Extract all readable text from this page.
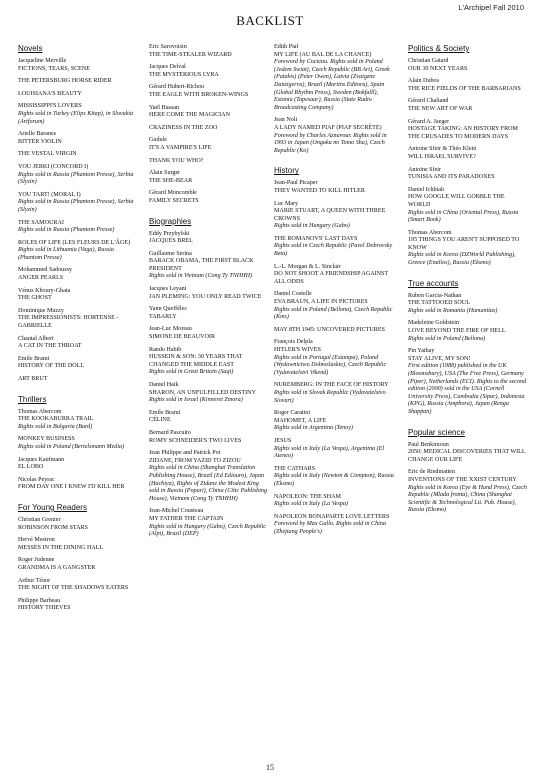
L'Archipel Fall 2010
BACKLIST
Novels
Jacqueline Merville
FICTIONS, TEARS, SCENE
THE PETERSBURG HORSE RIDER
LOUISIANA'S BEAUTY
MISSISSIPPI'S LOVERS
Rights sold in Turkey (Elips Kitap), in Slovakia (Artforum)
Arielle Baranes
BITTER VIOLIN
THE VESTAL VIRGIN
YOU JERKI (CONCORD I)
Rights sold in Russia (Phantom Presse), Serbia (Slyzin)
YOU TART! (MORAL I)
Rights sold in Russia (Phantom Presse), Serbia (Slyzin)
THE SAMOURAI
Rights sold in Russia (Phantom Presse)
ROLES OF LIFE (LES FLEURS DE L'ÂGE)
Rights sold in Lithuania (Vaga), Russia (Phantom Presse)
Mohammed Sadoussy
ANGER PEARLS
Vénus Khoury-Ghata
THE GHOST
Dominique Muzzy
THE IMPRESSIONISTS: HORTENSE - GABRIELLE
Chantal Albert
A CAT IN THE THROAT
Emile Brami
HISTORY OF THE DOLL
ART BRUT
Thrillers
Thomas Abercom
THE KOOKABURRA TRAIL
Rights sold in Bulgaria (Bard)
MONKEY BUSINESS
Rights sold in Poland (Bertelsmann Media)
Jacques Kaufmann
EL LOBO
Nicolas Peyrac
FROM DAY ONE I KNEW I'D KILL HER
For Young Readers
Christian Grenier
ROBINSON FROM STARS
Hervé Mestron
MESSES IN THE DINING HALL
Roger Judenne
GRANDMA IS A GANGSTER
Arthur Ténor
THE NIGHT OF THE SHADOWS EATERS
Philippe Barbeau
HISTORY THIEVES
Eric Sarovoisin
THE TIME-STEALER WIZARD
Jacques Delval
THE MYSTERIOUS LYRA
Gérard Hubert-Richou
THE EAGLE WITH BROKEN-WINGS
Yaël Hassan
HERE COME THE MAGICIAN
CRAZINESS IN THE ZOO
Gudule
IT'S A VAMPIRE'S LIFE
THANK YOU WHO?
Alain Surget
THE SHE-BEAR
Gérard Moncomble
FAMILY SECRETS
Biographies
Eddy Przybylski
JACQUES BREL
Guillaume Serina
BARACK OBAMA, THE FIRST BLACK PRESIDENT
Rights sold in Vietnam (Cong Ty TNHHH)
Jacques Leyani
JAN PLEMING: YOU ONLY READ TWICE
Yann Queffélec
TABARLY
Jean-Luc Moreau
SIMONE DE BEAUVOIR
Rando Habib
HUSSEIN & SON: 30 YEARS THAT CHANGED THE MIDDLE EAST
Rights sold in Great Britain (Saqi)
Daniel Haik
SHARON, AN UNFULFILLED DESTINY
Rights sold in Israel (Kinneret Zmora)
Emile Brami
CÉLINE
Bernard Pascuito
ROMY SCHNEIDER'S TWO LIVES
Jean Philippe and Patrick Pot
ZIDANE, FROM YAZID TO ZIZOU
Rights sold in China (Shanghai Translation Publishing House), Brazil (Ed Ediouro), Japan (Hachiya), Rights of Zidane the Modest King sold in Russia (Popuri), China (Citic Publishing House), Vietnam (Cong Ty TNHHH)
Jean-Michel Cousteau
MY FATHER THE CAPTAIN
Rights sold in Hungary (Gabo), Czech Republic (Alpi), Brazil (DEP)
Edith Piaf
MY LIFE (AU BAL DE LA CHANCE)
Foreword by Cocteau. Rights sold in Poland (Jedem Swiat), Czech Republic (BB Art), Greek (Patakis) (Peter Owen), Latvia (Zvaigzne Danzigerva), Brazil (Martins Editora), Spain (Global Rhythm Press), Sweden (Bokfalll), Estonia (Tapesaar), Russia (State Radio Broadcasting Company)
Jean Noli
A LADY NAMED PIAF (PIAF SECRÈTE)
Foreword by Charles Aznavour. Rights sold in 1993 in Japan (Ongaku no Tomo Sha), Czech Republic (Ko)
History
Jean-Paul Picaper
THEY WANTED TO KILL HITLER
Luc Mary
MARIE STUART, A QUEEN WITH THREE CROWNS
Rights sold in Hungary (Gabo)
THE ROMANOVS' LAST DAYS
Rights sold in Czech Republic (Pavel Dobrovsky Beta)
L.-L. Morgan & L. Sinclair
DO NOT SHOOT A FRIENDSHIP AGAINST ALL ODDS
Daniel Costelle
EVA BRAUN, A LIFE IN PICTURES
Rights sold in Poland (Bellona), Czech Republic (Kms)
MAY 8TH 1945: UNCOVERED PICTURES
François Delpla
HITLER'S WIVES
Rights sold in Portugal (Estampa), Poland (Wydawnictwo Dolnoslaskie), Czech Republic (Vydavatelstvi Vikend)
NUREMBERG: IN THE FACE OF HISTORY
Rights sold in Slovak Republic (Vydavatelstvo Slovart)
Roger Caratini
MAHOMET, A LIFE
Rights sold in Argentina (Tenoy)
JESUS
Rights sold in Italy (La Vespa), Argentina (El Ateneo)
THE CATHARS
Rights sold in Italy (Newton & Compton), Russia (Eksmo)
NAPOLEON: THE SHAM
Rights sold in Italy (La Vespa)
NAPOLEON BONAPARTE LOVE LETTERS
Foreword by Max Gallo. Rights sold in China (Zhejiang People's)
Politics & Society
Christian Gatard
OUR 30 NEXT YEARS
Alain Dubos
THE RICE FIELDS OF THE BARBARIANS
Gérard Chaliand
THE NEW ART OF WAR
Gérard A. Jaeger
HOSTAGE TAKING: AN HISTORY FROM THE CRUSADES TO MODERN DAYS
Antoine Sfeir & Théo Klein
WILL ISRAEL SURVIVE?
Antoine Sfeir
TUNISIA AND ITS PARADOXES
Daniel Ichbiah
HOW GOOGLE WILL GOBBLE THE WORLD
Rights sold in China (Oriental Press), Russia (Smart Book)
Thomas Abercom
195 THINGS YOU AREN'T SUPPOSED TO KNOW
Rights sold in Korea (DZWorld Publishing), Greece (Enalios), Russia (Eksmo)
True accounts
Ruben Garcia-Nathan
THE TATTOOED SOUL
Rights sold in Romania (Humanitas)
Madeleine Goldstein
LOVE BEYOND THE FIRE OF HELL
Rights sold in Poland (Bellona)
Pin Yathay
STAY ALIVE, MY SON!
First edition (1988) published in the UK (Bloomsbury), USA (The Free Press), Germany (Piper), Netherlands (ECI). Rights to the second edition (2000) sold in the USA (Cornell University Press), Cambodia (Sipar), Indonesia (KPG), Russia (Amphora), Japan (Renga Shappan)
Popular science
Paul Benkimoun
2050: MEDICAL DISCOVERIES THAT WILL CHANGE OUR LIFE
Eric de Riedmatten
INVENTIONS OF THE XXIST CENTURY
Rights sold in Korea (Eye & Hand Press), Czech Republic (Mlada fronta), China (Shanghai Scientific & Technological Lit. Pub. House), Russia (Eksmo)
15
